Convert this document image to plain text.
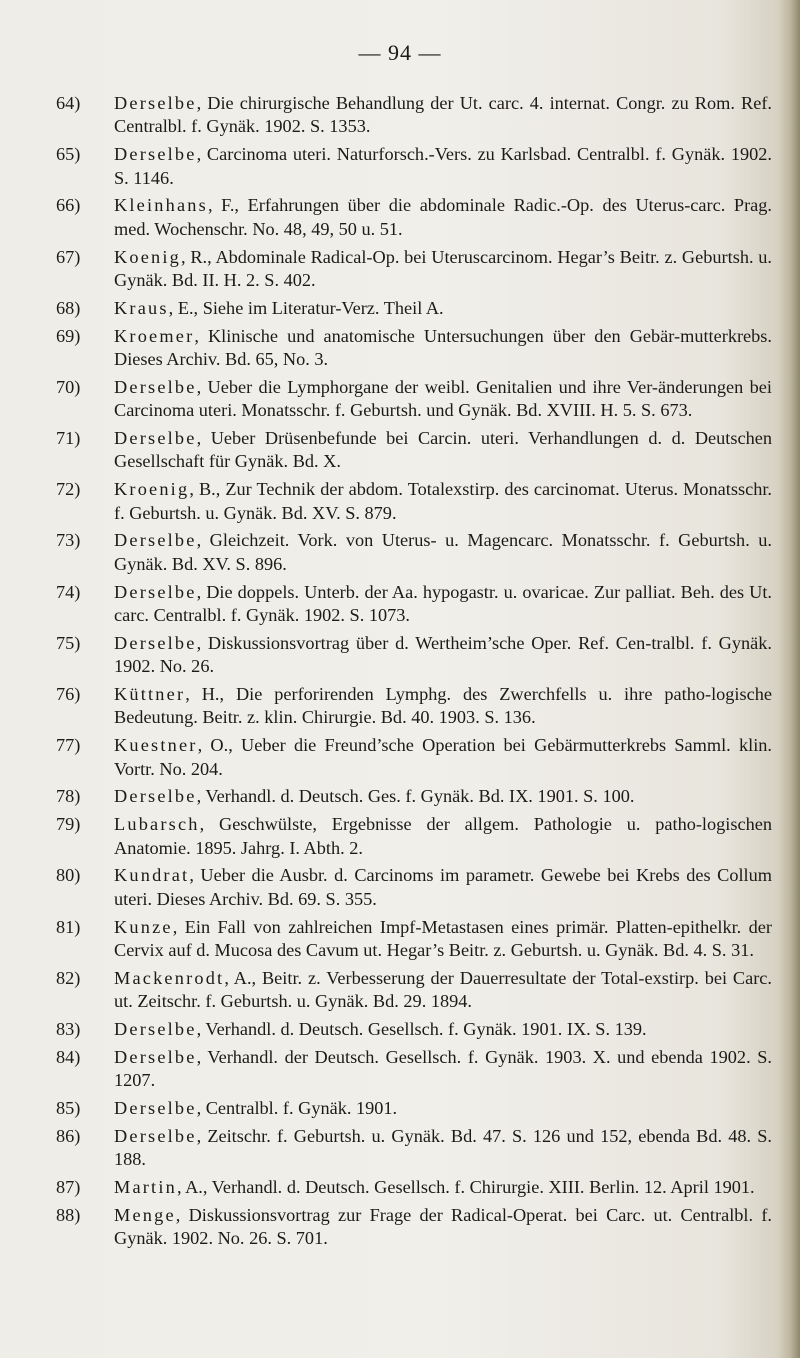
— 94 —
64)	Derselbe, Die chirurgische Behandlung der Ut. carc. 4. internat. Congr. zu Rom. Ref. Centralbl. f. Gynäk. 1902. S. 1353.
65)	Derselbe, Carcinoma uteri. Naturforsch.-Vers. zu Karlsbad. Centralbl. f. Gynäk. 1902. S. 1146.
66)	Kleinhans, F., Erfahrungen über die abdominale Radic.-Op. des Uterus-carc. Prag. med. Wochenschr. No. 48, 49, 50 u. 51.
67)	Koenig, R., Abdominale Radical-Op. bei Uteruscarcinom. Hegar’s Beitr. z. Geburtsh. u. Gynäk. Bd. II. H. 2. S. 402.
68)	Kraus, E., Siehe im Literatur-Verz. Theil A.
69)	Kroemer, Klinische und anatomische Untersuchungen über den Gebär-mutterkrebs. Dieses Archiv. Bd. 65, No. 3.
70)	Derselbe, Ueber die Lymphorgane der weibl. Genitalien und ihre Ver-änderungen bei Carcinoma uteri. Monatsschr. f. Geburtsh. und Gynäk. Bd. XVIII. H. 5. S. 673.
71)	Derselbe, Ueber Drüsenbefunde bei Carcin. uteri. Verhandlungen d. d. Deutschen Gesellschaft für Gynäk. Bd. X.
72)	Kroenig, B., Zur Technik der abdom. Totalexstirp. des carcinomat. Uterus. Monatsschr. f. Geburtsh. u. Gynäk. Bd. XV. S. 879.
73)	Derselbe, Gleichzeit. Vork. von Uterus- u. Magencarc. Monatsschr. f. Geburtsh. u. Gynäk. Bd. XV. S. 896.
74)	Derselbe, Die doppels. Unterb. der Aa. hypogastr. u. ovaricae. Zur palliat. Beh. des Ut. carc. Centralbl. f. Gynäk. 1902. S. 1073.
75)	Derselbe, Diskussionsvortrag über d. Wertheim’sche Oper. Ref. Cen-tralbl. f. Gynäk. 1902. No. 26.
76)	Küttner, H., Die perforirenden Lymphg. des Zwerchfells u. ihre patho-logische Bedeutung. Beitr. z. klin. Chirurgie. Bd. 40. 1903. S. 136.
77)	Kuestner, O., Ueber die Freund’sche Operation bei Gebärmutterkrebs Samml. klin. Vortr. No. 204.
78)	Derselbe, Verhandl. d. Deutsch. Ges. f. Gynäk. Bd. IX. 1901. S. 100.
79)	Lubarsch, Geschwülste, Ergebnisse der allgem. Pathologie u. patho-logischen Anatomie. 1895. Jahrg. I. Abth. 2.
80)	Kundrat, Ueber die Ausbr. d. Carcinoms im parametr. Gewebe bei Krebs des Collum uteri. Dieses Archiv. Bd. 69. S. 355.
81)	Kunze, Ein Fall von zahlreichen Impf-Metastasen eines primär. Platten-epithelkr. der Cervix auf d. Mucosa des Cavum ut. Hegar’s Beitr. z. Geburtsh. u. Gynäk. Bd. 4. S. 31.
82)	Mackenrodt, A., Beitr. z. Verbesserung der Dauerresultate der Total-exstirp. bei Carc. ut. Zeitschr. f. Geburtsh. u. Gynäk. Bd. 29. 1894.
83)	Derselbe, Verhandl. d. Deutsch. Gesellsch. f. Gynäk. 1901. IX. S. 139.
84)	Derselbe, Verhandl. der Deutsch. Gesellsch. f. Gynäk. 1903. X. und ebenda 1902. S. 1207.
85)	Derselbe, Centralbl. f. Gynäk. 1901.
86)	Derselbe, Zeitschr. f. Geburtsh. u. Gynäk. Bd. 47. S. 126 und 152, ebenda Bd. 48. S. 188.
87)	Martin, A., Verhandl. d. Deutsch. Gesellsch. f. Chirurgie. XIII. Berlin. 12. April 1901.
88)	Menge, Diskussionsvortrag zur Frage der Radical-Operat. bei Carc. ut. Centralbl. f. Gynäk. 1902. No. 26. S. 701.
